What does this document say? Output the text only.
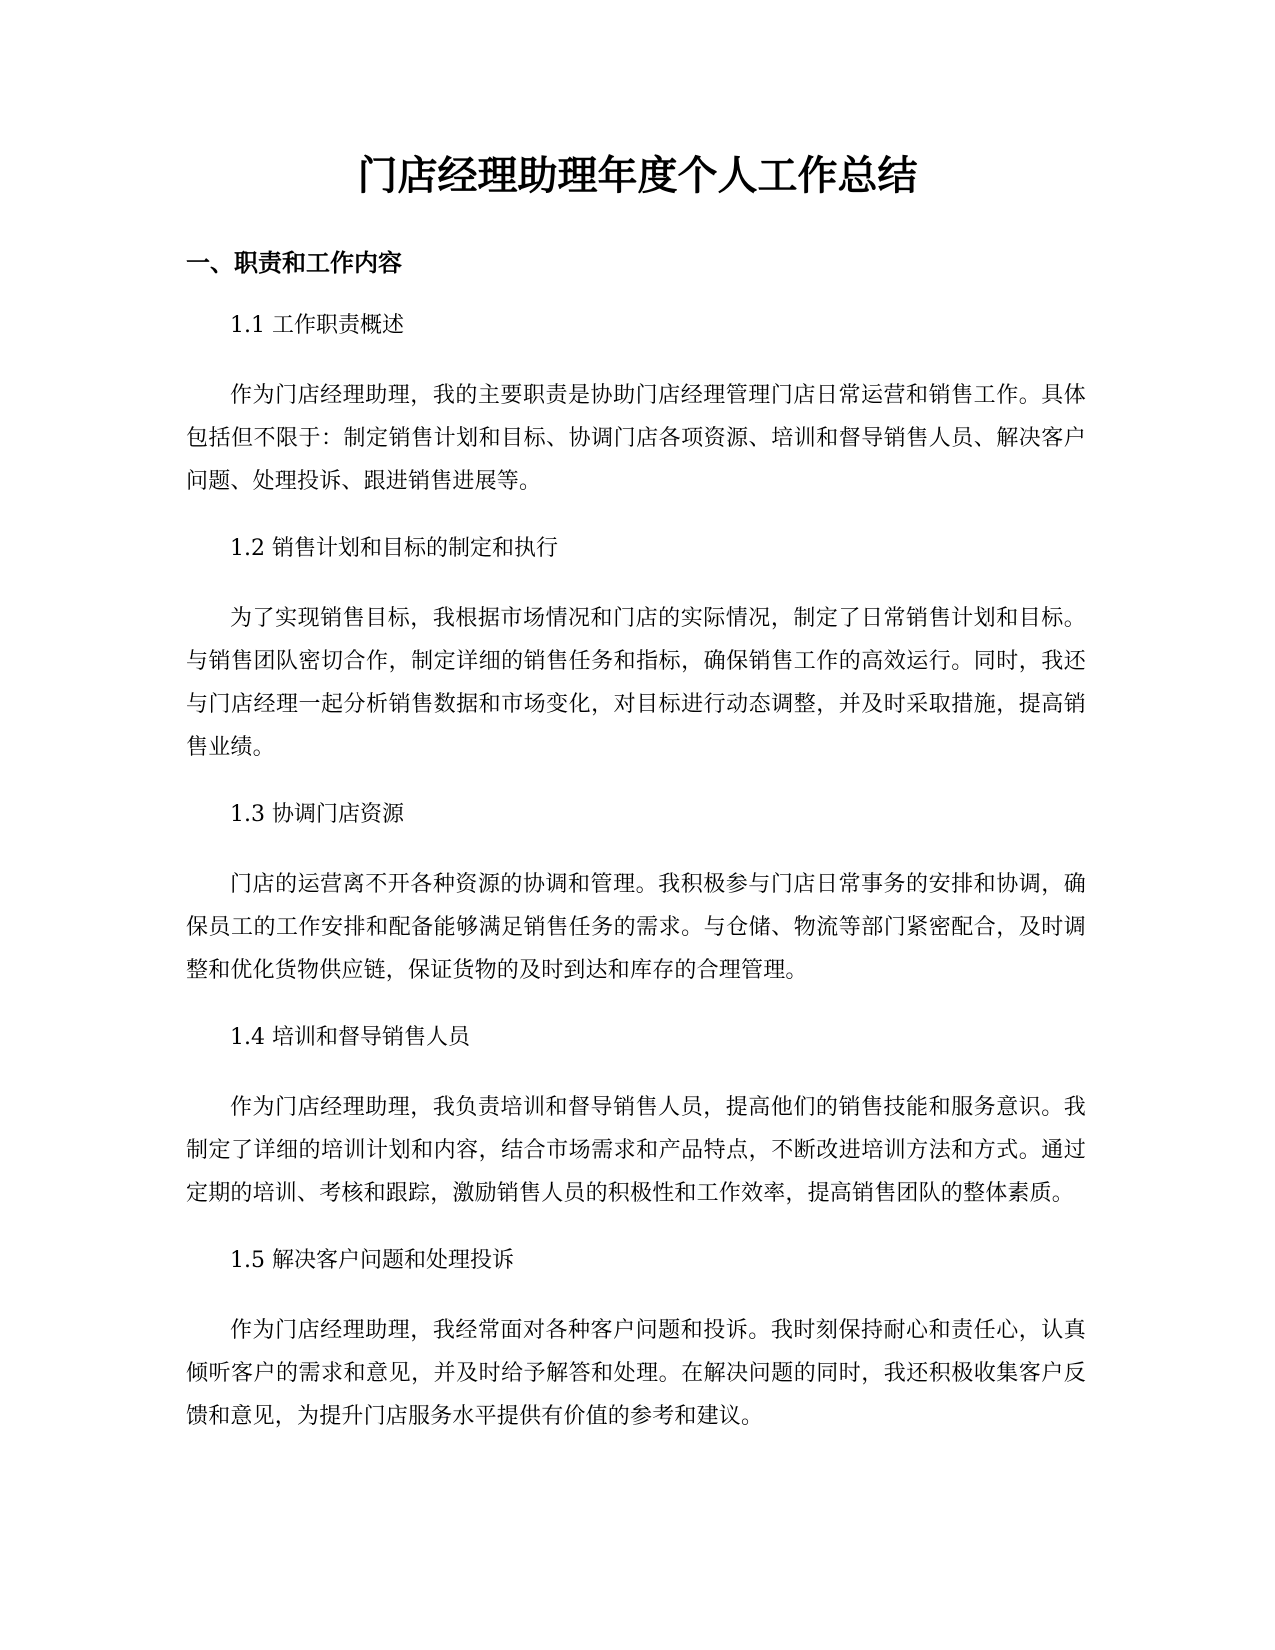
门店经理助理年度个人工作总结
一、职责和工作内容

1.1 工作职责概述

作为门店经理助理，我的主要职责是协助门店经理管理门店日常运营和销售工作。具体包括但不限于：制定销售计划和目标、协调门店各项资源、培训和督导销售人员、解决客户问题、处理投诉、跟进销售进展等。

1.2 销售计划和目标的制定和执行

为了实现销售目标，我根据市场情况和门店的实际情况，制定了日常销售计划和目标。与销售团队密切合作，制定详细的销售任务和指标，确保销售工作的高效运行。同时，我还与门店经理一起分析销售数据和市场变化，对目标进行动态调整，并及时采取措施，提高销售业绩。

1.3 协调门店资源

门店的运营离不开各种资源的协调和管理。我积极参与门店日常事务的安排和协调，确保员工的工作安排和配备能够满足销售任务的需求。与仓储、物流等部门紧密配合，及时调整和优化货物供应链，保证货物的及时到达和库存的合理管理。

1.4 培训和督导销售人员

作为门店经理助理，我负责培训和督导销售人员，提高他们的销售技能和服务意识。我制定了详细的培训计划和内容，结合市场需求和产品特点，不断改进培训方法和方式。通过定期的培训、考核和跟踪，激励销售人员的积极性和工作效率，提高销售团队的整体素质。

1.5 解决客户问题和处理投诉

作为门店经理助理，我经常面对各种客户问题和投诉。我时刻保持耐心和责任心，认真倾听客户的需求和意见，并及时给予解答和处理。在解决问题的同时，我还积极收集客户反馈和意见，为提升门店服务水平提供有价值的参考和建议。
